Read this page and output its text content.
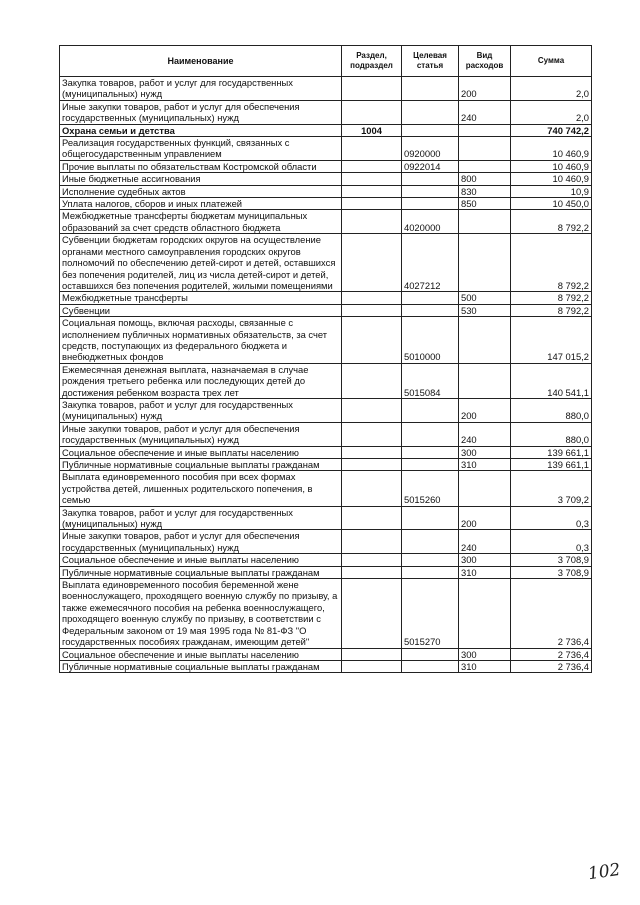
Наименование	Раздел, подраздел	Целевая статья	Вид расходов	Сумма
Закупка товаров, работ и услуг для государственных (муниципальных) нужд			200	2,0
Иные закупки товаров, работ и услуг для обеспечения государственных (муниципальных) нужд			240	2,0
Охрана семьи и детства	1004			740 742,2
Реализация государственных функций, связанных с общегосударственным управлением		0920000		10 460,9
Прочие выплаты по обязательствам Костромской области		0922014		10 460,9
Иные бюджетные ассигнования			800	10 460,9
Исполнение судебных актов			830	10,9
Уплата налогов, сборов и иных платежей			850	10 450,0
Межбюджетные трансферты бюджетам муниципальных образований за счет средств областного бюджета		4020000		8 792,2
Субвенции бюджетам городских округов на осуществление органами местного самоуправления городских округов полномочий по обеспечению детей-сирот и детей, оставшихся без попечения родителей, лиц из числа детей-сирот и детей, оставшихся без попечения родителей, жилыми помещениями		4027212		8 792,2
Межбюджетные трансферты			500	8 792,2
Субвенции			530	8 792,2
Социальная помощь, включая расходы, связанные с исполнением публичных нормативных обязательств, за счет средств, поступающих из федерального бюджета и внебюджетных фондов		5010000		147 015,2
Ежемесячная денежная выплата, назначаемая в случае рождения третьего ребенка или последующих детей до достижения ребенком возраста трех лет		5015084		140 541,1
Закупка товаров, работ и услуг для государственных (муниципальных) нужд			200	880,0
Иные закупки товаров, работ и услуг для обеспечения государственных (муниципальных) нужд			240	880,0
Социальное обеспечение и иные выплаты населению			300	139 661,1
Публичные нормативные социальные выплаты гражданам			310	139 661,1
Выплата единовременного пособия при всех формах устройства детей, лишенных родительского попечения, в семью		5015260		3 709,2
Закупка товаров, работ и услуг для государственных (муниципальных) нужд			200	0,3
Иные закупки товаров, работ и услуг для обеспечения государственных (муниципальных) нужд			240	0,3
Социальное обеспечение и иные выплаты населению			300	3 708,9
Публичные нормативные социальные выплаты гражданам			310	3 708,9
Выплата единовременного пособия беременной жене военнослужащего, проходящего военную службу по призыву, а также ежемесячного пособия на ребенка военнослужащего, проходящего военную службу по призыву, в соответствии с Федеральным законом от 19 мая 1995 года № 81-ФЗ "О государственных пособиях гражданам, имеющим детей"		5015270		2 736,4
Социальное обеспечение и иные выплаты населению			300	2 736,4
Публичные нормативные социальные выплаты гражданам			310	2 736,4
102
